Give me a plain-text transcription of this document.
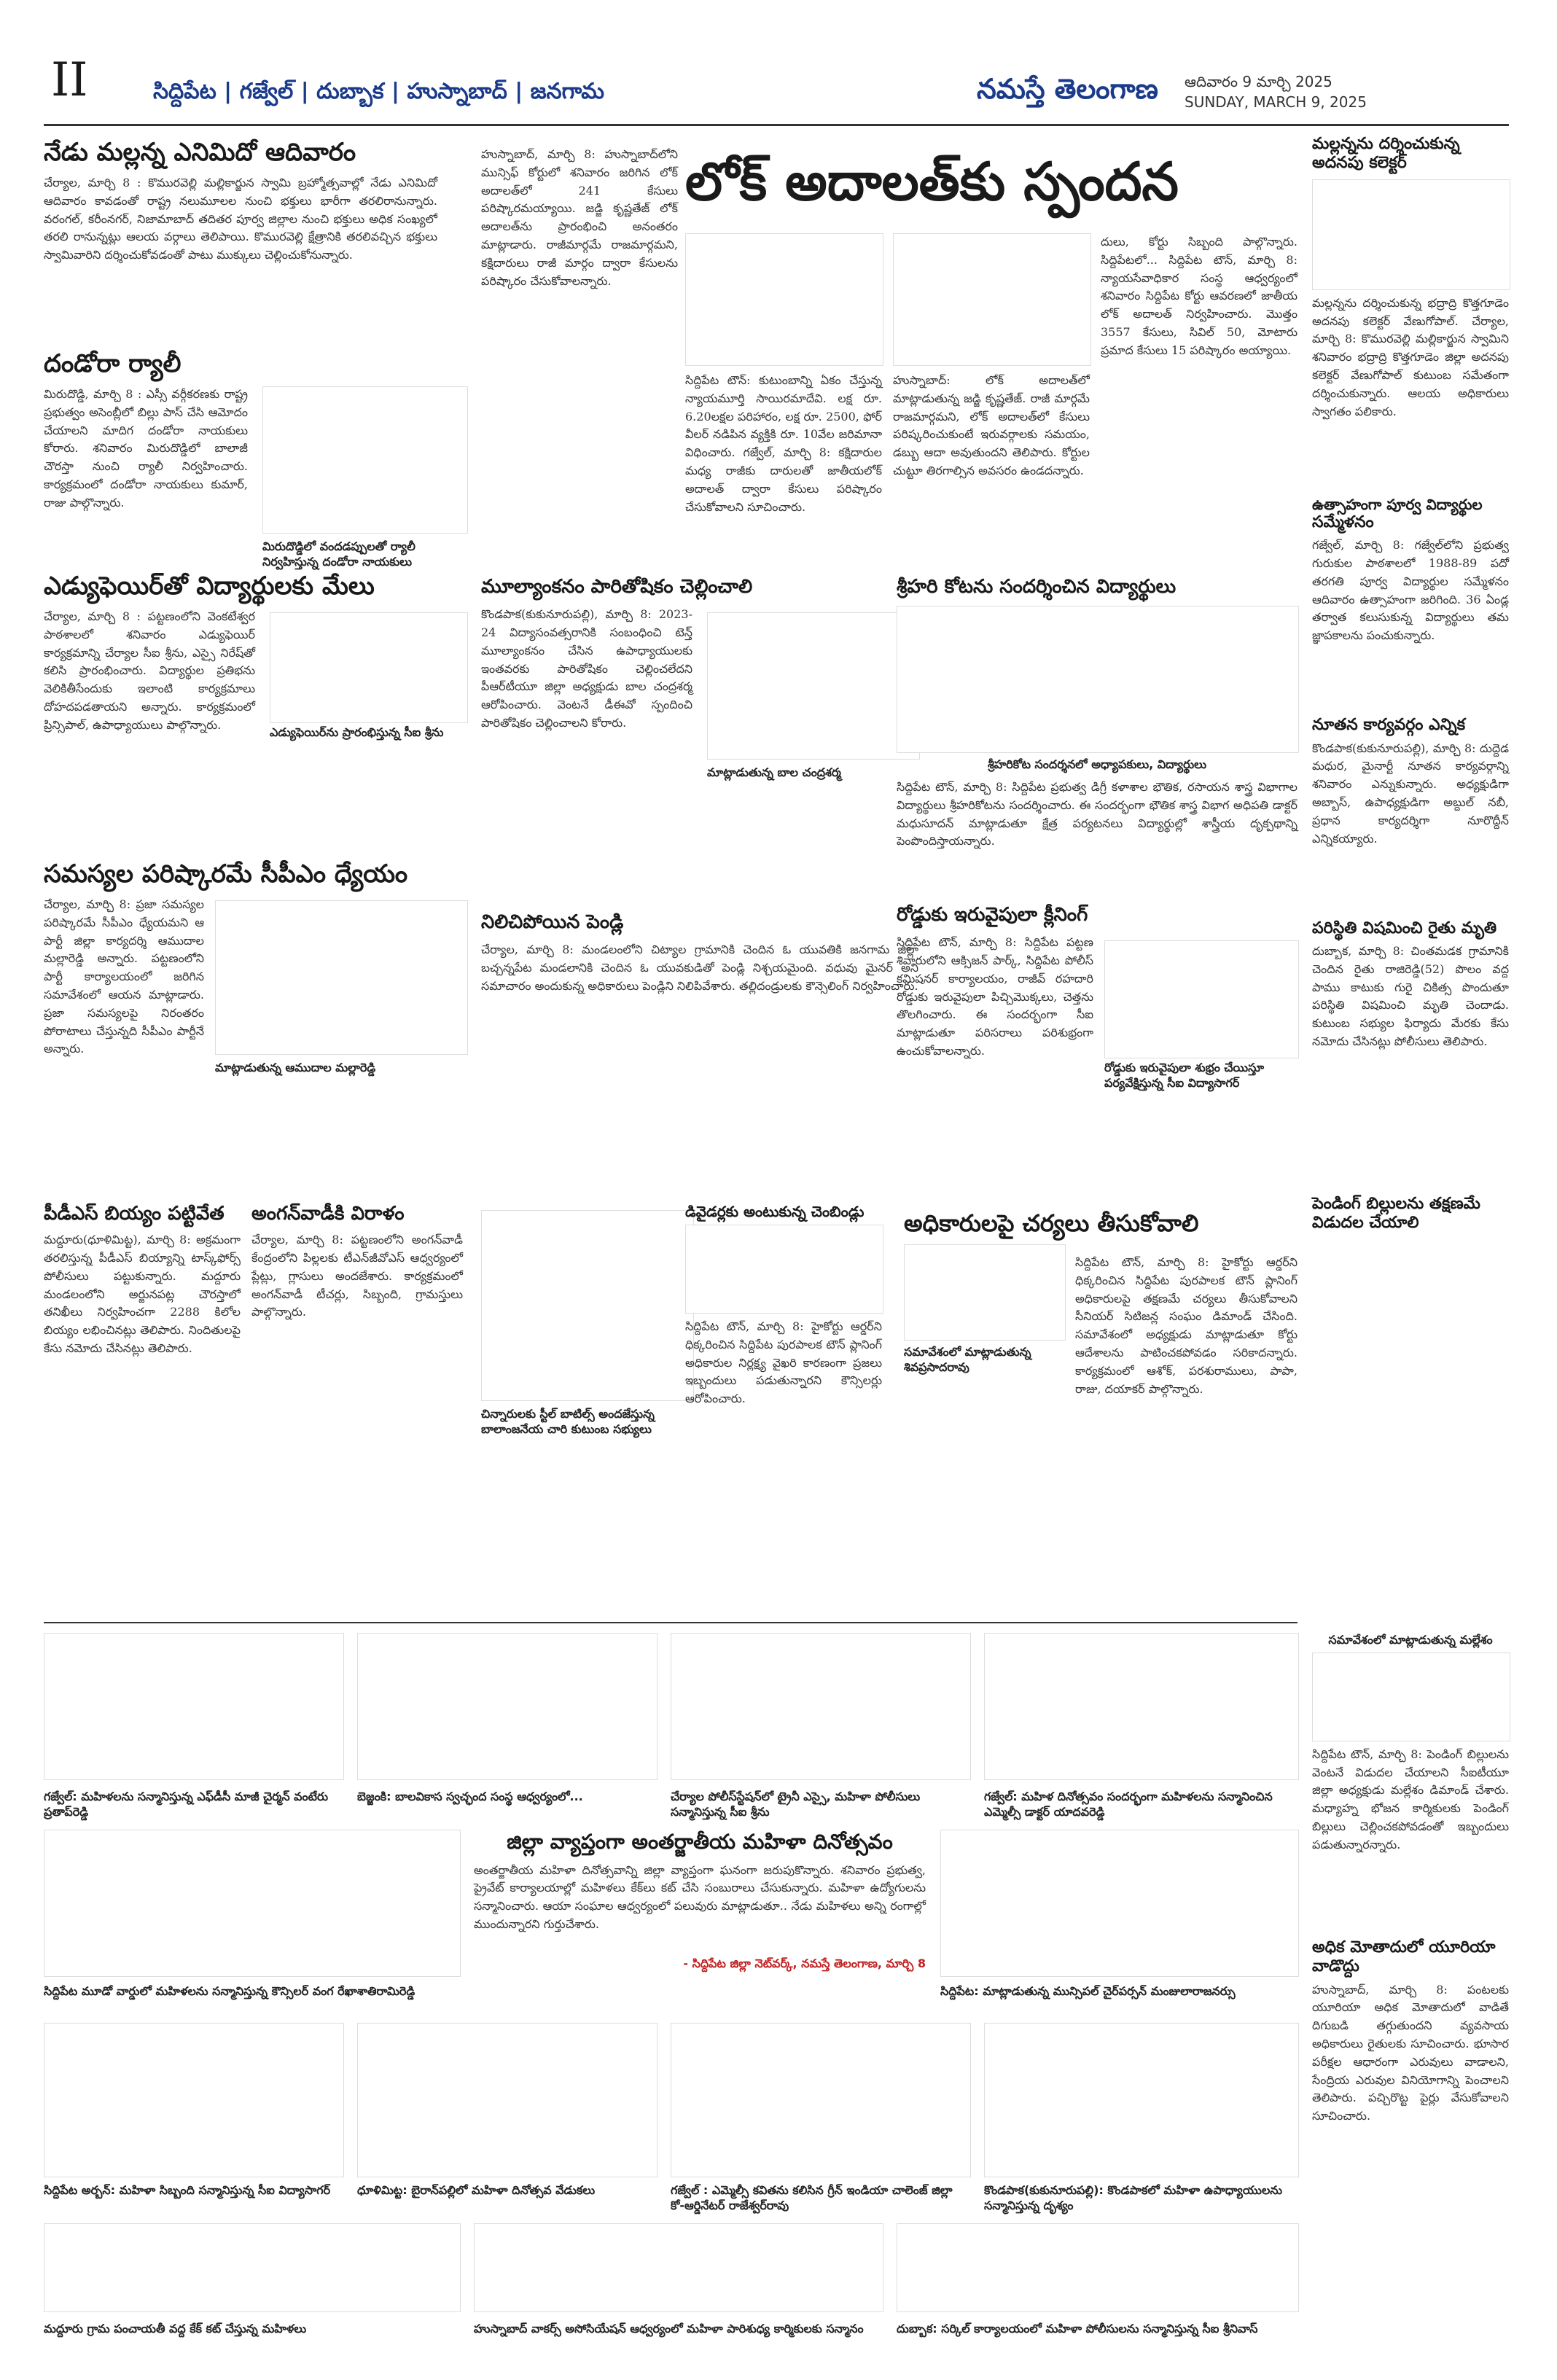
II	సిద్దిపేట | గజ్వేల్ | దుబ్బాక | హుస్నాబాద్ | జనగామ	నమస్తే తెలంగాణ ఆదివారం 9 మార్చి 2025
SUNDAY, MARCH 9, 2025
నేడు మల్లన్న ఎనిమిదో ఆదివారం
చేర్యాల, మార్చి 8 : కొమురవెల్లి మల్లికార్జున స్వామి బ్రహ్మోత్సవాల్లో నేడు ఎనిమిదో ఆదివారం కావడంతో రాష్ట్ర నలుమూలల నుంచి భక్తులు భారీగా తరలిరానున్నారు. వరంగల్, కరీంనగర్, నిజామాబాద్ తదితర పూర్వ జిల్లాల నుంచి భక్తులు అధిక సంఖ్యలో తరలి రానున్నట్లు ఆలయ వర్గాలు తెలిపాయి. కొమురవెల్లి క్షేత్రానికి తరలివచ్చిన భక్తులు స్వామివారిని దర్శించుకోవడంతో పాటు ముక్కులు చెల్లించుకోనున్నారు.
దండోరా ర్యాలీ
మిరుదొడ్డి, మార్చి 8 : ఎస్సీ వర్గీకరణకు రాష్ట్ర ప్రభుత్వం అసెంబ్లీలో బిల్లు పాస్ చేసి ఆమోదం చేయాలని మాదిగ దండోరా నాయకులు కోరారు. శనివారం మిరుదొడ్డిలో బాలాజీ చౌరస్తా నుంచి ర్యాలీ నిర్వహించారు. కార్యక్రమంలో దండోరా నాయకులు కుమార్, రాజు పాల్గొన్నారు.
మిరుదొడ్డిలో వందడప్పులతో ర్యాలీ నిర్వహిస్తున్న దండోరా నాయకులు
ఎడ్యుఫెయిర్‌తో విద్యార్థులకు మేలు
చేర్యాల, మార్చి 8 : పట్టణంలోని వెంకటేశ్వర పాఠశాలలో శనివారం ఎడ్యుఫెయిర్ కార్యక్రమాన్ని చేర్యాల సీఐ శ్రీను, ఎస్సై నిరేష్‌తో కలిసి ప్రారంభించారు. విద్యార్థుల ప్రతిభను వెలికితీసేందుకు ఇలాంటి కార్యక్రమాలు దోహదపడతాయని అన్నారు. కార్యక్రమంలో ప్రిన్సిపాల్, ఉపాధ్యాయులు పాల్గొన్నారు.
ఎడ్యుఫెయిర్‌ను ప్రారంభిస్తున్న సీఐ శ్రీను
సమస్యల పరిష్కారమే సీపీఎం ధ్యేయం
చేర్యాల, మార్చి 8: ప్రజా సమస్యల పరిష్కారమే సీపీఎం ధ్యేయమని ఆ పార్టీ జిల్లా కార్యదర్శి ఆముదాల మల్లారెడ్డి అన్నారు. పట్టణంలోని పార్టీ కార్యాలయంలో జరిగిన సమావేశంలో ఆయన మాట్లాడారు. ప్రజా సమస్యలపై నిరంతరం పోరాటాలు చేస్తున్నది సీపీఎం పార్టీనే అన్నారు.
మాట్లాడుతున్న ఆముదాల మల్లారెడ్డి
పీడీఎస్ బియ్యం పట్టివేత
మద్దూరు(ధూళిమిట్ట), మార్చి 8: అక్రమంగా తరలిస్తున్న పీడీఎస్ బియ్యాన్ని టాస్క్‌ఫోర్స్ పోలీసులు పట్టుకున్నారు. మద్దూరు మండలంలోని అర్జునపట్ల చౌరస్తాలో తనిఖీలు నిర్వహించగా 2288 కిలోల బియ్యం లభించినట్లు తెలిపారు. నిందితులపై కేసు నమోదు చేసినట్లు తెలిపారు.
అంగన్‌వాడీకి విరాళం
చేర్యాల, మార్చి 8: పట్టణంలోని అంగన్‌వాడీ కేంద్రంలోని పిల్లలకు టీఎన్‌జీవోఎస్ ఆధ్వర్యంలో ప్లేట్లు, గ్లాసులు అందజేశారు. కార్యక్రమంలో అంగన్‌వాడీ టీచర్లు, సిబ్బంది, గ్రామస్తులు పాల్గొన్నారు.
హుస్నాబాద్, మార్చి 8: హుస్నాబాద్‌లోని మున్సిఫ్ కోర్టులో శనివారం జరిగిన లోక్ అదాలత్‌లో 241 కేసులు పరిష్కారమయ్యాయి. జడ్జి కృష్ణతేజ్ లోక్ అదాలత్‌ను ప్రారంభించి అనంతరం మాట్లాడారు. రాజీమార్గమే రాజమార్గమని, కక్షిదారులు రాజీ మార్గం ద్వారా కేసులను పరిష్కారం చేసుకోవాలన్నారు.
మూల్యాంకనం పారితోషికం చెల్లించాలి
కొండపాక(కుకునూరుపల్లి), మార్చి 8: 2023-24 విద్యాసంవత్సరానికి సంబంధించి టెన్త్ మూల్యాంకనం చేసిన ఉపాధ్యాయులకు ఇంతవరకు పారితోషికం చెల్లించలేదని పీఆర్‌టీయూ జిల్లా అధ్యక్షుడు బాల చంద్రశర్మ ఆరోపించారు. వెంటనే డీఈవో స్పందించి పారితోషికం చెల్లించాలని కోరారు.
మాట్లాడుతున్న బాల చంద్రశర్మ
నిలిచిపోయిన పెండ్లి
చేర్యాల, మార్చి 8: మండలంలోని చిట్యాల గ్రామానికి చెందిన ఓ యువతికి జనగామ జిల్లా బచ్చన్నపేట మండలానికి చెందిన ఓ యువకుడితో పెండ్లి నిశ్చయమైంది. వధువు మైనర్ అని సమాచారం అందుకున్న అధికారులు పెండ్లిని నిలిపివేశారు. తల్లిదండ్రులకు కౌన్సెలింగ్ నిర్వహించారు.
చిన్నారులకు స్టీల్ బాటిల్స్ అందజేస్తున్న బాలాంజనేయ చారి కుటుంబ సభ్యులు
లోక్ అదాలత్‌కు స్పందన
సిద్దిపేట టౌన్: కుటుంబాన్ని ఏకం చేస్తున్న న్యాయమూర్తి సాయిరమాదేవి. లక్ష రూ. 6.20లక్షల పరిహారం, లక్ష రూ. 2500, ఫోర్ వీలర్ నడిపిన వ్యక్తికి రూ. 10వేల జరిమానా విధించారు. గజ్వేల్, మార్చి 8: కక్షిదారుల మధ్య రాజీకు దారులతో జాతీయలోక్ అదాలత్ ద్వారా కేసులు పరిష్కారం చేసుకోవాలని సూచించారు.
హుస్నాబాద్: లోక్ అదాలత్‌లో మాట్లాడుతున్న జడ్జి కృష్ణతేజ్. రాజీ మార్గమే రాజమార్గమని, లోక్ అదాలత్‌లో కేసులు పరిష్కరించుకుంటే ఇరువర్గాలకు సమయం, డబ్బు ఆదా అవుతుందని తెలిపారు. కోర్టుల చుట్టూ తిరగాల్సిన అవసరం ఉండదన్నారు.
దులు, కోర్టు సిబ్బంది పాల్గొన్నారు. సిద్దిపేటలో... సిద్దిపేట టౌన్, మార్చి 8: న్యాయసేవాధికార సంస్థ ఆధ్వర్యంలో శనివారం సిద్దిపేట కోర్టు ఆవరణలో జాతీయ లోక్ అదాలత్ నిర్వహించారు. మొత్తం 3557 కేసులు, సివిల్ 50, మోటారు ప్రమాద కేసులు 15 పరిష్కారం అయ్యాయి.
శ్రీహరి కోటను సందర్శించిన విద్యార్థులు
శ్రీహరికోట సందర్శనలో అధ్యాపకులు, విద్యార్థులు
సిద్దిపేట టౌన్, మార్చి 8: సిద్దిపేట ప్రభుత్వ డిగ్రీ కళాశాల భౌతిక, రసాయన శాస్త్ర విభాగాల విద్యార్థులు శ్రీహరికోటను సందర్శించారు. ఈ సందర్భంగా భౌతిక శాస్త్ర విభాగ అధిపతి డాక్టర్ మధుసూదన్ మాట్లాడుతూ క్షేత్ర పర్యటనలు విద్యార్థుల్లో శాస్త్రీయ దృక్పథాన్ని పెంపొందిస్తాయన్నారు.
రోడ్డుకు ఇరువైపులా క్లీనింగ్
సిద్దిపేట టౌన్, మార్చి 8: సిద్దిపేట పట్టణ శివారులోని ఆక్సిజన్ పార్క్, సిద్దిపేట పోలీస్ కమిషనర్ కార్యాలయం, రాజీవ్ రహదారి రోడ్డుకు ఇరువైపులా పిచ్చిమొక్కలు, చెత్తను తొలగించారు. ఈ సందర్భంగా సీఐ మాట్లాడుతూ పరిసరాలు పరిశుభ్రంగా ఉంచుకోవాలన్నారు.
రోడ్డుకు ఇరువైపులా శుభ్రం చేయిస్తూ పర్యవేక్షిస్తున్న సీఐ విద్యాసాగర్
డివైడర్లకు అంటుకున్న చెంబిండ్లు
సిద్దిపేట టౌన్, మార్చి 8: హైకోర్టు ఆర్డర్‌ని ధిక్కరించిన సిద్దిపేట పురపాలక టౌన్ ప్లానింగ్ అధికారుల నిర్లక్ష్య వైఖరి కారణంగా ప్రజలు ఇబ్బందులు పడుతున్నారని కౌన్సిలర్లు ఆరోపించారు.
అధికారులపై చర్యలు తీసుకోవాలి
సమావేశంలో మాట్లాడుతున్న శివప్రసాదరావు
సిద్దిపేట టౌన్, మార్చి 8: హైకోర్టు ఆర్డర్‌ని ధిక్కరించిన సిద్దిపేట పురపాలక టౌన్ ప్లానింగ్ అధికారులపై తక్షణమే చర్యలు తీసుకోవాలని సీనియర్ సిటిజన్ల సంఘం డిమాండ్ చేసింది. సమావేశంలో అధ్యక్షుడు మాట్లాడుతూ కోర్టు ఆదేశాలను పాటించకపోవడం సరికాదన్నారు. కార్యక్రమంలో ఆశోక్, పరశురాములు, పాపా, రాజు, దయాకర్ పాల్గొన్నారు.
మల్లన్నను దర్శించుకున్న అదనపు కలెక్టర్
మల్లన్నను దర్శించుకున్న భద్రాద్రి కొత్తగూడెం అదనపు కలెక్టర్ వేణుగోపాల్. చేర్యాల, మార్చి 8: కొమురవెల్లి మల్లికార్జున స్వామిని శనివారం భద్రాద్రి కొత్తగూడెం జిల్లా అదనపు కలెక్టర్ వేణుగోపాల్ కుటుంబ సమేతంగా దర్శించుకున్నారు. ఆలయ అధికారులు స్వాగతం పలికారు.
ఉత్సాహంగా పూర్వ విద్యార్థుల
సమ్మేళనం
గజ్వేల్, మార్చి 8: గజ్వేల్‌లోని ప్రభుత్వ గురుకుల పాఠశాలలో 1988-89 పదో తరగతి పూర్వ విద్యార్థుల సమ్మేళనం ఆదివారం ఉత్సాహంగా జరిగింది. 36 ఏండ్ల తర్వాత కలుసుకున్న విద్యార్థులు తమ జ్ఞాపకాలను పంచుకున్నారు.
నూతన కార్యవర్గం ఎన్నిక
కొండపాక(కుకునూరుపల్లి), మార్చి 8: దుద్దెడ మధుర, మైనార్టీ నూతన కార్యవర్గాన్ని శనివారం ఎన్నుకున్నారు. అధ్యక్షుడిగా అబ్బాస్, ఉపాధ్యక్షుడిగా అబ్దుల్ నబీ, ప్రధాన కార్యదర్శిగా నూరొద్దీన్ ఎన్నికయ్యారు.
పరిస్థితి విషమించి రైతు మృతి
దుబ్బాక, మార్చి 8: చింతమడక గ్రామానికి చెందిన రైతు రాజిరెడ్డి(52) పొలం వద్ద పాము కాటుకు గురై చికిత్స పొందుతూ పరిస్థితి విషమించి మృతి చెందాడు. కుటుంబ సభ్యుల ఫిర్యాదు మేరకు కేసు నమోదు చేసినట్లు పోలీసులు తెలిపారు.
పెండింగ్ బిల్లులను తక్షణమే విడుదల చేయాలి
సమావేశంలో మాట్లాడుతున్న మల్లేశం
సిద్దిపేట టౌన్, మార్చి 8: పెండింగ్ బిల్లులను వెంటనే విడుదల చేయాలని సీఐటీయూ జిల్లా అధ్యక్షుడు మల్లేశం డిమాండ్ చేశారు. మధ్యాహ్న భోజన కార్మికులకు పెండింగ్ బిల్లులు చెల్లించకపోవడంతో ఇబ్బందులు పడుతున్నారన్నారు.
అధిక మోతాదులో యూరియా వాడొద్దు
హుస్నాబాద్, మార్చి 8: పంటలకు యూరియా అధిక మోతాదులో వాడితే దిగుబడి తగ్గుతుందని వ్యవసాయ అధికారులు రైతులకు సూచించారు. భూసార పరీక్షల ఆధారంగా ఎరువులు వాడాలని, సేంద్రియ ఎరువుల వినియోగాన్ని పెంచాలని తెలిపారు. పచ్చిరొట్ట పైర్లు వేసుకోవాలని సూచించారు.
గజ్వేల్: మహిళలను సన్మానిస్తున్న ఎఫ్‌డీసీ మాజీ చైర్మన్ వంటేరు ప్రతాప్‌రెడ్డి
బెజ్జంకి: బాలవికాస స్వచ్ఛంద సంస్థ ఆధ్వర్యంలో...	చేర్యాల పోలీస్‌స్టేషన్‌లో ట్రైనీ ఎస్సై, మహిళా పోలీసులు సన్మానిస్తున్న సీఐ శ్రీను
గజ్వేల్: మహిళ దినోత్సవం సందర్భంగా మహిళలను సన్మానించిన ఎమ్మెల్సీ డాక్టర్ యాదవరెడ్డి
జిల్లా వ్యాప్తంగా అంతర్జాతీయ మహిళా దినోత్సవం
అంతర్జాతీయ మహిళా దినోత్సవాన్ని జిల్లా వ్యాప్తంగా ఘనంగా జరుపుకొన్నారు. శనివారం ప్రభుత్వ, ప్రైవేట్ కార్యాలయాల్లో మహిళలు కేక్‌లు కట్ చేసి సంబురాలు చేసుకున్నారు. మహిళా ఉద్యోగులను సన్మానించారు. ఆయా సంఘాల ఆధ్వర్యంలో పలువురు మాట్లాడుతూ.. నేడు మహిళలు అన్ని రంగాల్లో ముందున్నారని గుర్తుచేశారు.
- సిద్దిపేట జిల్లా నెట్‌వర్క్, నమస్తే తెలంగాణ, మార్చి 8
సిద్దిపేట మూడో వార్డులో మహిళలను సన్మానిస్తున్న కౌన్సిలర్ వంగ రేఖాశాతిరామిరెడ్డి	సిద్దిపేట: మాట్లాడుతున్న మున్సిపల్ చైర్‌పర్సన్ మంజులారాజనర్సు
సిద్దిపేట అర్బన్: మహిళా సిబ్బంది సన్మానిస్తున్న సీఐ విద్యాసాగర్	ధూళిమిట్ట: బైరాన్‌పల్లిలో మహిళా దినోత్సవ వేడుకలు	గజ్వేల్ : ఎమ్మెల్సీ కవితను కలిసిన గ్రీన్ ఇండియా చాలెంజ్ జిల్లా కో-ఆర్డినేటర్ రాజేశ్వర్‌రావు
కొండపాక(కుకునూరుపల్లి): కొండపాకలో మహిళా ఉపాధ్యాయులను సన్మానిస్తున్న దృశ్యం
మద్దూరు గ్రామ పంచాయతీ వద్ద కేక్ కట్ చేస్తున్న మహిళలు	హుస్నాబాద్ వాకర్స్ అసోసియేషన్ ఆధ్వర్యంలో మహిళా పారిశుధ్య కార్మికులకు సన్మానం	దుబ్బాక: సర్కిల్ కార్యాలయంలో మహిళా పోలీసులను సన్మానిస్తున్న సీఐ శ్రీనివాస్
